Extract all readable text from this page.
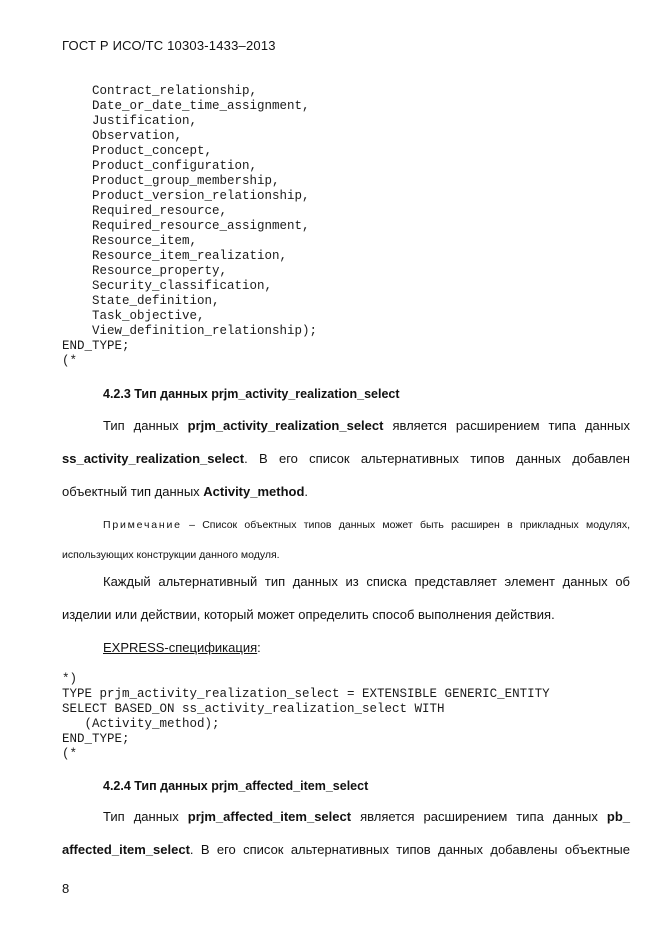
ГОСТ Р ИСО/ТС 10303-1433–2013
Contract_relationship,
Date_or_date_time_assignment,
Justification,
Observation,
Product_concept,
Product_configuration,
Product_group_membership,
Product_version_relationship,
Required_resource,
Required_resource_assignment,
Resource_item,
Resource_item_realization,
Resource_property,
Security_classification,
State_definition,
Task_objective,
View_definition_relationship);
END_TYPE;
(*
4.2.3 Тип данных prjm_activity_realization_select
Тип данных prjm_activity_realization_select является расширением типа данных
ss_activity_realization_select. В его список альтернативных типов данных добавлен
объектный тип данных Activity_method.
Примечание – Список объектных типов данных может быть расширен в прикладных модулях,
использующих конструкции данного модуля.
Каждый альтернативный тип данных из списка представляет элемент данных об
изделии или действии, который может определить способ выполнения действия.
EXPRESS-спецификация:
*)
TYPE prjm_activity_realization_select = EXTENSIBLE GENERIC_ENTITY
SELECT BASED_ON ss_activity_realization_select WITH
(Activity_method);
END_TYPE;
(*
4.2.4 Тип данных prjm_affected_item_select
Тип данных prjm_affected_item_select является расширением типа данных pb_
affected_item_select. В его список альтернативных типов данных добавлены объектные
8
